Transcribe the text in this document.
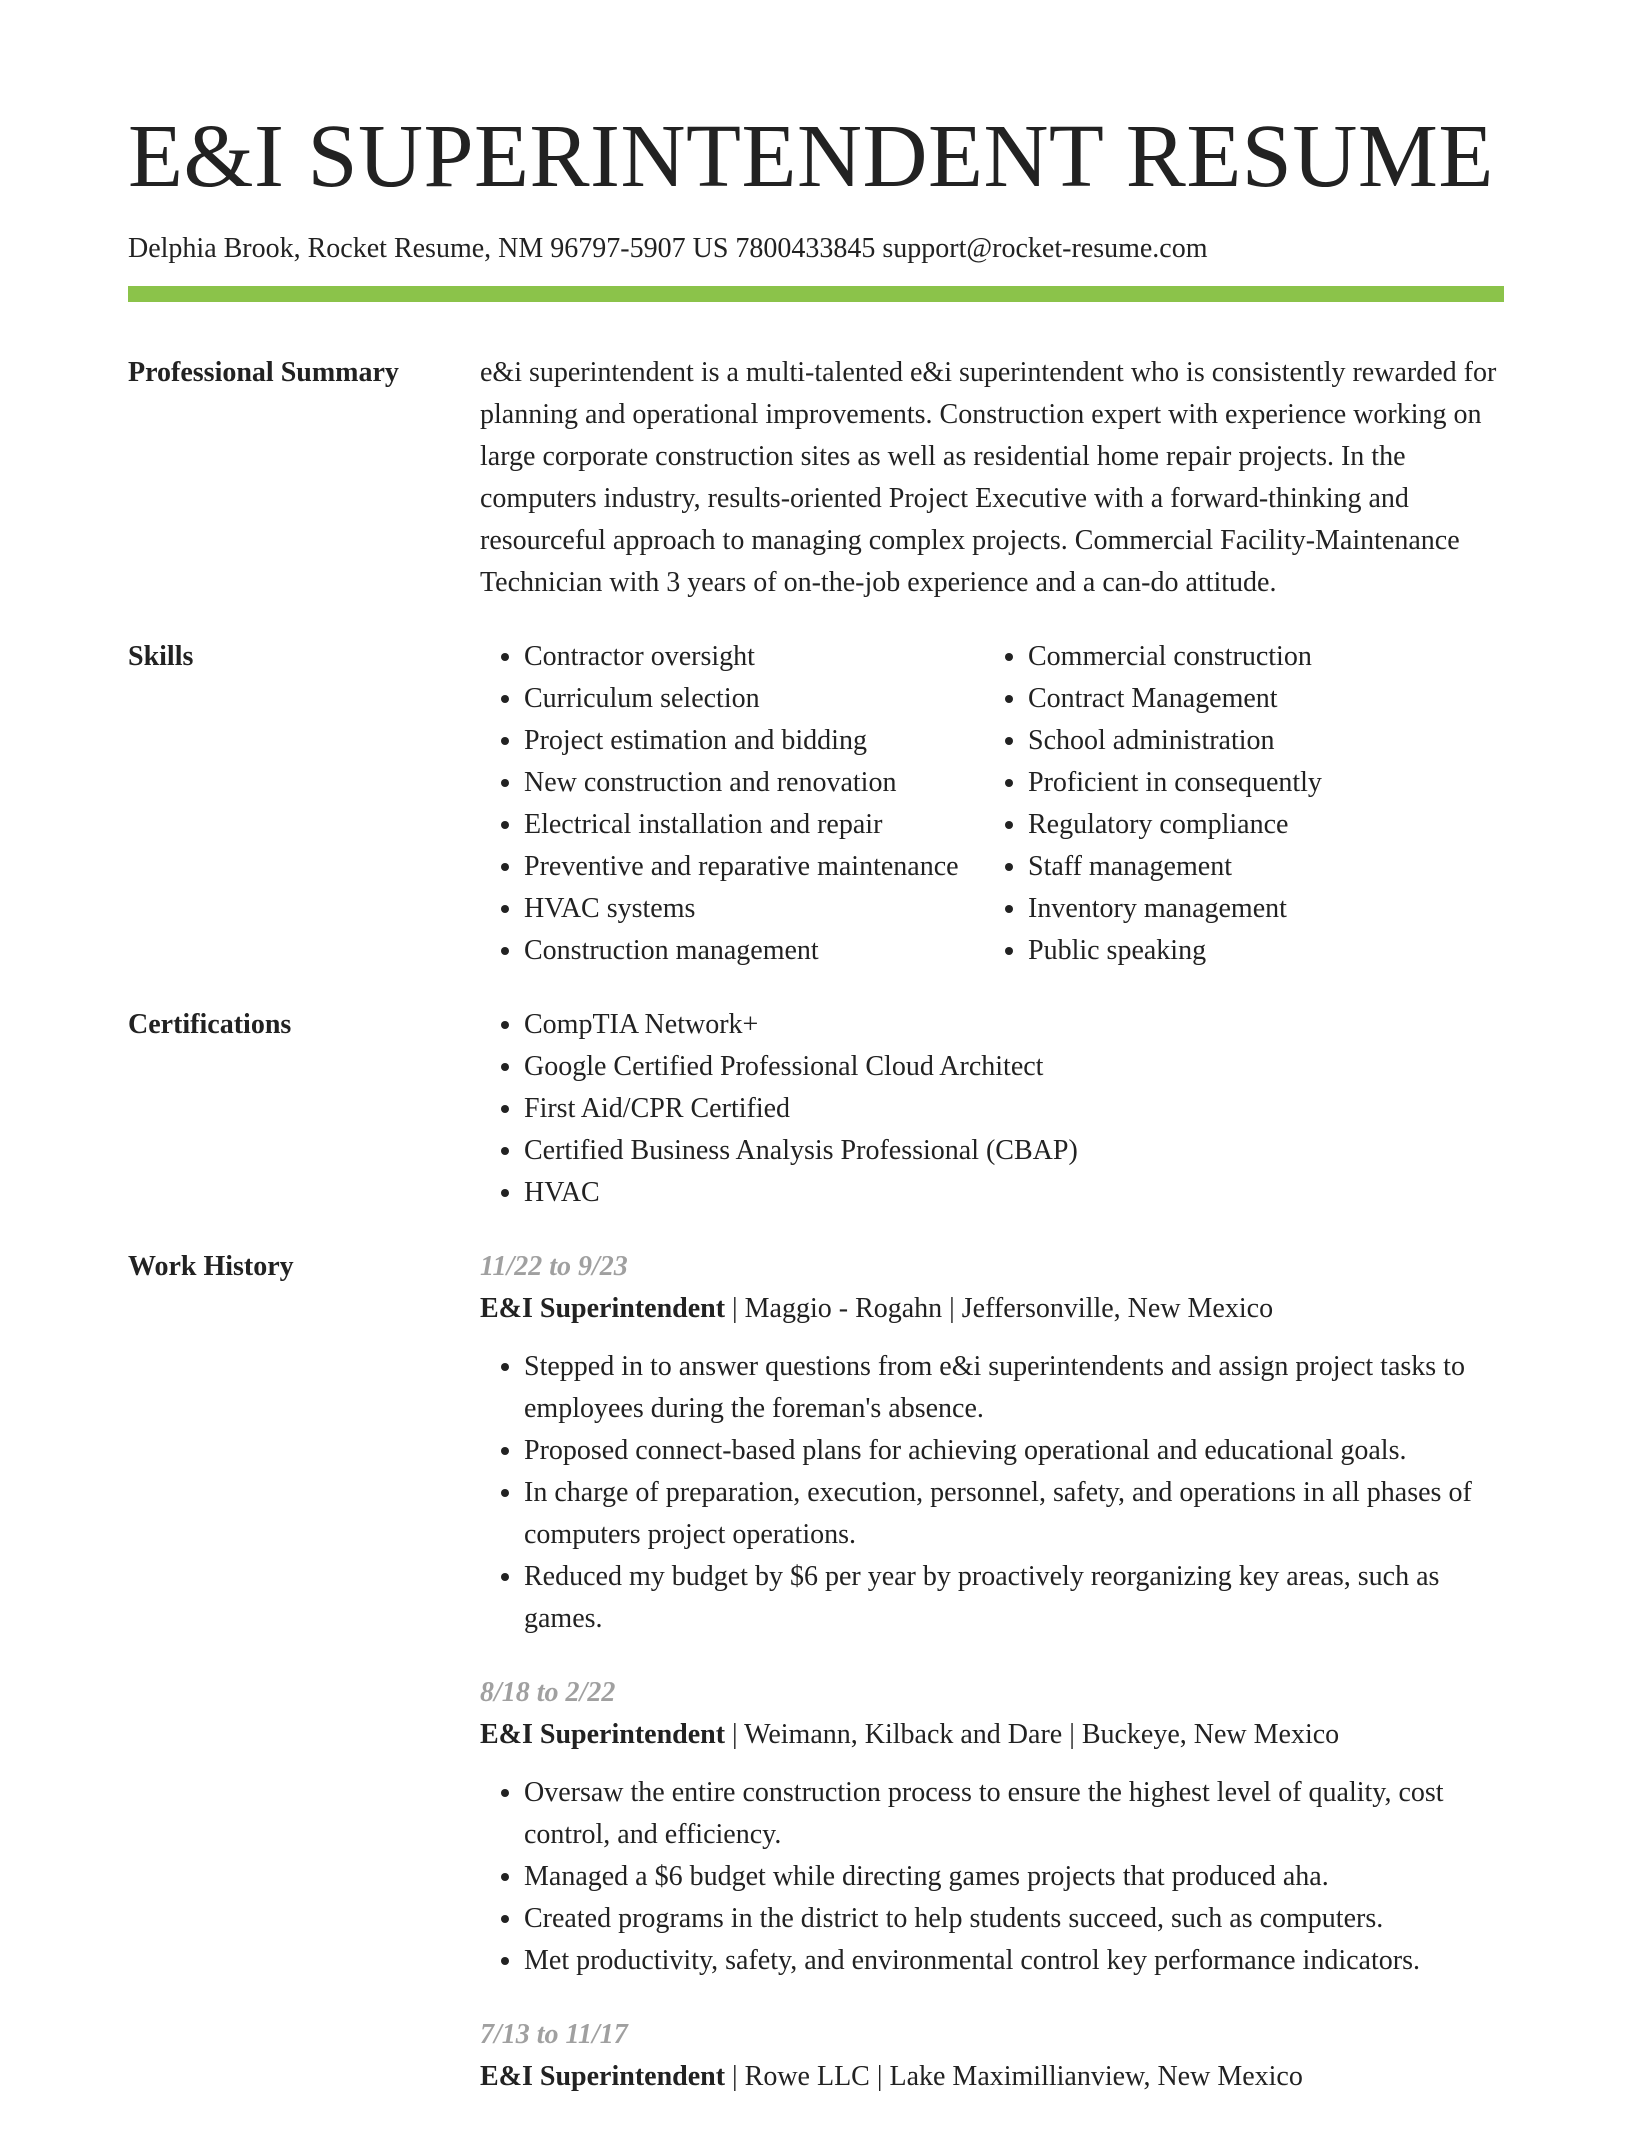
E&I SUPERINTENDENT RESUME
Delphia Brook, Rocket Resume, NM 96797-5907 US 7800433845 support@rocket-resume.com
Professional Summary	e&i superintendent is a multi-talented e&i superintendent who is consistently rewarded for planning and operational improvements. Construction expert with experience working on large corporate construction sites as well as residential home repair projects. In the computers industry, results-oriented Project Executive with a forward-thinking and resourceful approach to managing complex projects. Commercial Facility-Maintenance Technician with 3 years of on-the-job experience and a can-do attitude.
Skills	• Contractor oversight
• Curriculum selection
• Project estimation and bidding
• New construction and renovation
• Electrical installation and repair
• Preventive and reparative maintenance
• HVAC systems
• Construction management
• Commercial construction
• Contract Management
• School administration
• Proficient in consequently
• Regulatory compliance
• Staff management
• Inventory management
• Public speaking
Certifications	• CompTIA Network+
• Google Certified Professional Cloud Architect
• First Aid/CPR Certified
• Certified Business Analysis Professional (CBAP)
• HVAC
Work History	11/22 to 9/23
E&I Superintendent | Maggio - Rogahn | Jeffersonville, New Mexico
• Stepped in to answer questions from e&i superintendents and assign project tasks to employees during the foreman's absence.
• Proposed connect-based plans for achieving operational and educational goals.
• In charge of preparation, execution, personnel, safety, and operations in all phases of computers project operations.
• Reduced my budget by $6 per year by proactively reorganizing key areas, such as games.
8/18 to 2/22
E&I Superintendent | Weimann, Kilback and Dare | Buckeye, New Mexico
• Oversaw the entire construction process to ensure the highest level of quality, cost control, and efficiency.
• Managed a $6 budget while directing games projects that produced aha.
• Created programs in the district to help students succeed, such as computers.
• Met productivity, safety, and environmental control key performance indicators.
7/13 to 11/17
E&I Superintendent | Rowe LLC | Lake Maximillianview, New Mexico
